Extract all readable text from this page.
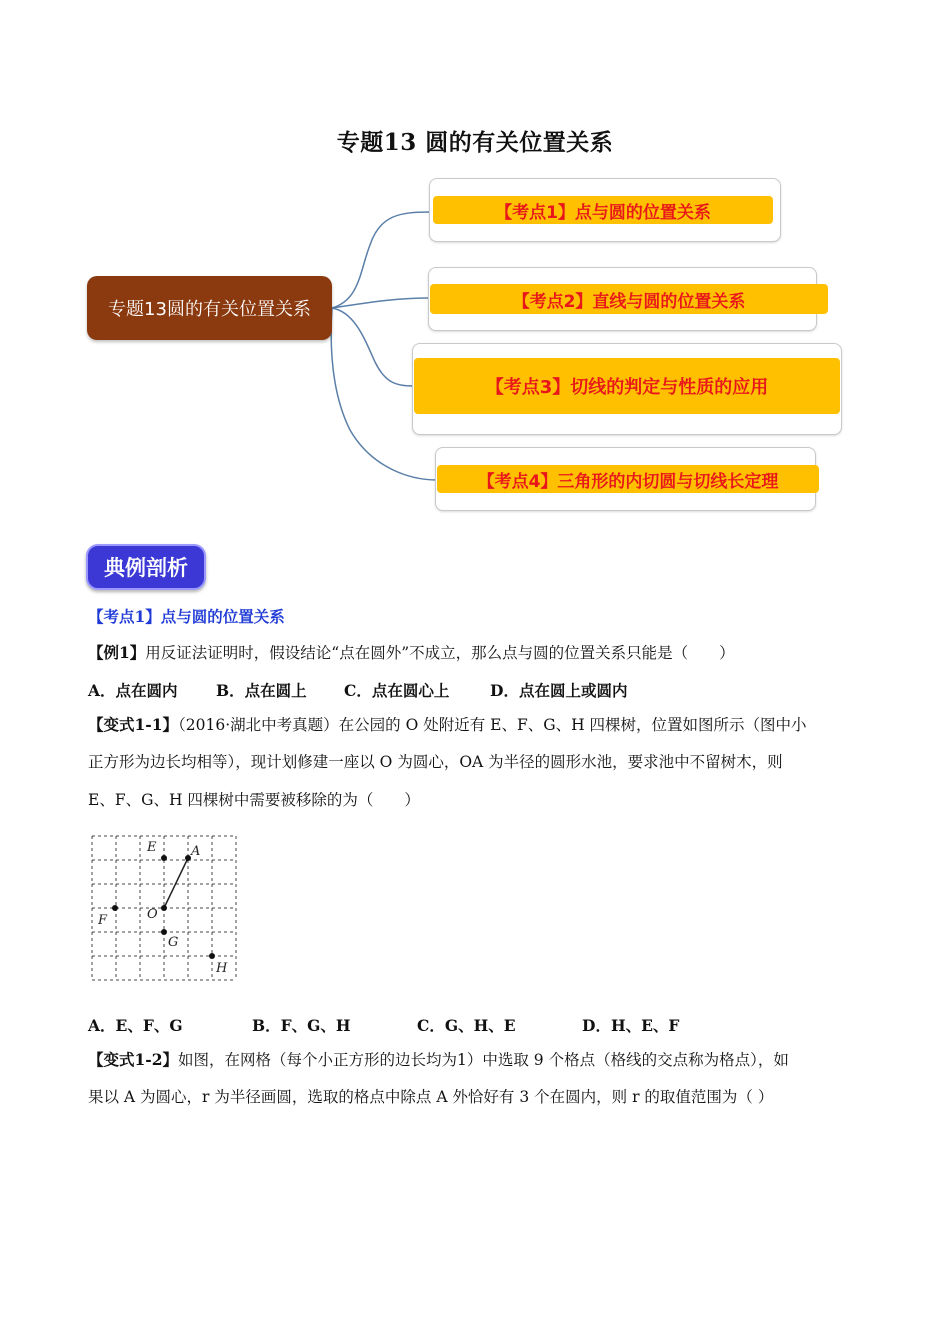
专题13 圆的有关位置关系
专题13圆的有关位置关系
【考点1】点与圆的位置关系
【考点2】直线与圆的位置关系
【考点3】切线的判定与性质的应用
【考点4】三角形的内切圆与切线长定理
典例剖析
【考点1】点与圆的位置关系
【例1】用反证法证明时，假设结论“点在圆外”不成立，那么点与圆的位置关系只能是（　　）
A．点在圆内 B．点在圆上 C．点在圆心上	D．点在圆上或圆内
【变式1-1】（2016·湖北中考真题）在公园的 O 处附近有 E、F、G、H 四棵树，位置如图所示（图中小
正方形为边长均相等），现计划修建一座以 O 为圆心，OA 为半径的圆形水池，要求池中不留树木，则
E、F、G、H 四棵树中需要被移除的为（　　）
E	A
F	O
G
H
A．E、F、G	B．F、G、H	C．G、H、E	D．H、E、F
【变式1-2】如图，在网格（每个小正方形的边长均为1）中选取 9 个格点（格线的交点称为格点），如
果以 A 为圆心，r 为半径画圆，选取的格点中除点 A 外恰好有 3 个在圆内，则 r 的取值范围为（ ）
